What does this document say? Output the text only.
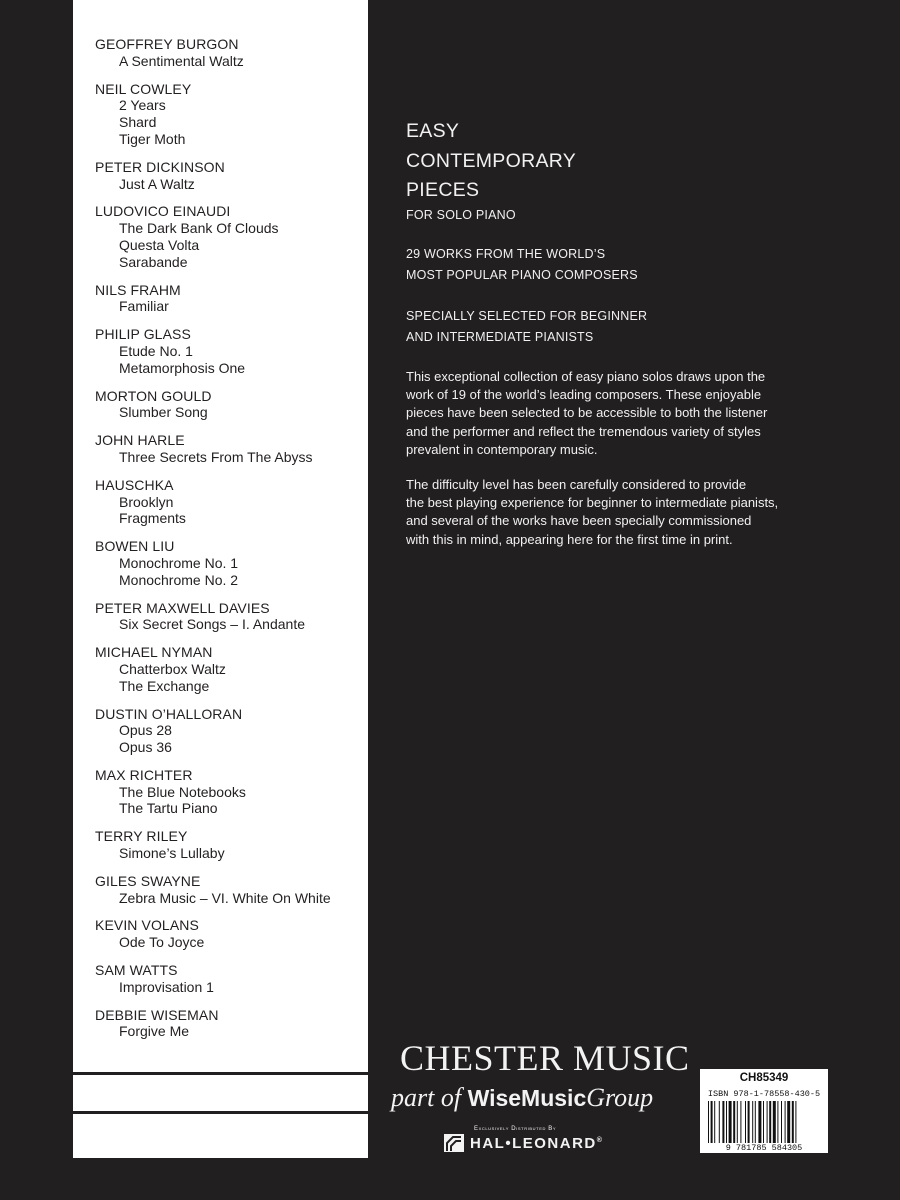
GEOFFREY BURGON
A Sentimental Waltz
NEIL COWLEY
2 Years
Shard
Tiger Moth
PETER DICKINSON
Just A Waltz
LUDOVICO EINAUDI
The Dark Bank Of Clouds
Questa Volta
Sarabande
NILS FRAHM
Familiar
PHILIP GLASS
Etude No. 1
Metamorphosis One
MORTON GOULD
Slumber Song
JOHN HARLE
Three Secrets From The Abyss
HAUSCHKA
Brooklyn
Fragments
BOWEN LIU
Monochrome No. 1
Monochrome No. 2
PETER MAXWELL DAVIES
Six Secret Songs – I. Andante
MICHAEL NYMAN
Chatterbox Waltz
The Exchange
DUSTIN O’HALLORAN
Opus 28
Opus 36
MAX RICHTER
The Blue Notebooks
The Tartu Piano
TERRY RILEY
Simone’s Lullaby
GILES SWAYNE
Zebra Music – VI. White On White
KEVIN VOLANS
Ode To Joyce
SAM WATTS
Improvisation 1
DEBBIE WISEMAN
Forgive Me
EASY
CONTEMPORARY
PIECES
FOR SOLO PIANO
29 WORKS FROM THE WORLD’S
MOST POPULAR PIANO COMPOSERS
SPECIALLY SELECTED FOR BEGINNER
AND INTERMEDIATE PIANISTS
This exceptional collection of easy piano solos draws upon the
work of 19 of the world’s leading composers. These enjoyable
pieces have been selected to be accessible to both the listener
and the performer and reflect the tremendous variety of styles
prevalent in contemporary music.
The difficulty level has been carefully considered to provide
the best playing experience for beginner to intermediate pianists,
and several of the works have been specially commissioned
with this in mind, appearing here for the first time in print.
CHESTER MUSIC
part of WiseMusicGroup
Exclusively Distributed By
HAL•LEONARD®
CH85349
ISBN 978-1-78558-430-5
9 781785 584305
